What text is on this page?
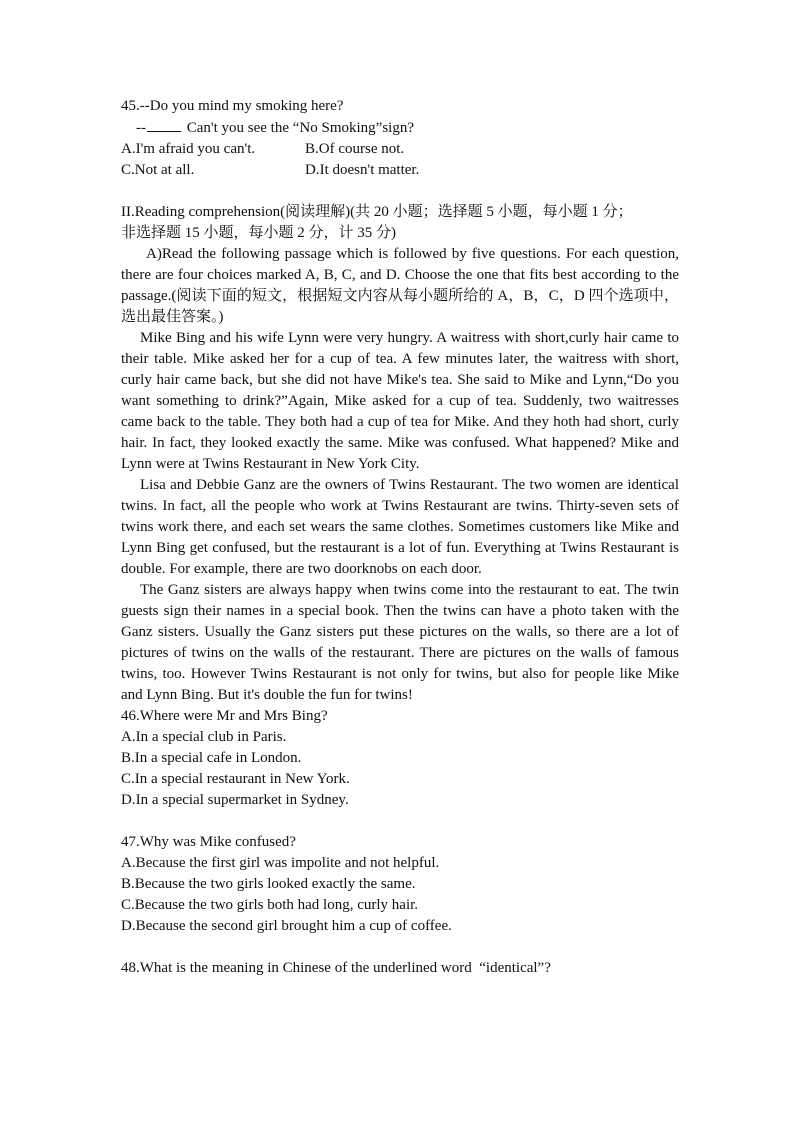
45.--Do you mind my smoking here?

-- Can't you see the “No Smoking”sign?

A.I'm afraid you can't.	B.Of course not.
C.Not at all.	D.It doesn't matter.

II.Reading comprehension(阅读理解)(共 20 小题；选择题 5 小题，每小题 1 分；

非选择题 15 小题，每小题 2 分，计 35 分)

A)Read the following passage which is followed by five questions. For each question, there are four choices marked A, B, C, and D. Choose the one that fits best according to the passage.(阅读下面的短文，根据短文内容从每小题所给的 A，B，C，D 四个选项中，选出最佳答案。)

Mike Bing and his wife Lynn were very hungry. A waitress with short,curly hair came to their table. Mike asked her for a cup of tea. A few minutes later, the waitress with short, curly hair came back, but she did not have Mike's tea. She said to Mike and Lynn,“Do you want something to drink?”Again, Mike asked for a cup of tea. Suddenly, two waitresses came back to the table. They both had a cup of tea for Mike. And they hoth had short, curly hair. In fact, they looked exactly the same. Mike was confused. What happened? Mike and Lynn were at Twins Restaurant in New York City.

Lisa and Debbie Ganz are the owners of Twins Restaurant. The two women are identical twins. In fact, all the people who work at Twins Restaurant are twins. Thirty-seven sets of twins work there, and each set wears the same clothes. Sometimes customers like Mike and Lynn Bing get confused, but the restaurant is a lot of fun. Everything at Twins Restaurant is double. For example, there are two doorknobs on each door.

The Ganz sisters are always happy when twins come into the restaurant to eat. The twin guests sign their names in a special book. Then the twins can have a photo taken with the Ganz sisters. Usually the Ganz sisters put these pictures on the walls, so there are a lot of pictures of twins on the walls of the restaurant. There are pictures on the walls of famous twins, too. However Twins Restaurant is not only for twins, but also for people like Mike and Lynn Bing. But it's double the fun for twins!

46.Where were Mr and Mrs Bing?

A.In a special club in Paris.

B.In a special cafe in London.

C.In a special restaurant in New York.

D.In a special supermarket in Sydney.

47.Why was Mike confused?

A.Because the first girl was impolite and not helpful.

B.Because the two girls looked exactly the same.

C.Because the two girls both had long, curly hair.

D.Because the second girl brought him a cup of coffee.

48.What is the meaning in Chinese of the underlined word  “identical”?
